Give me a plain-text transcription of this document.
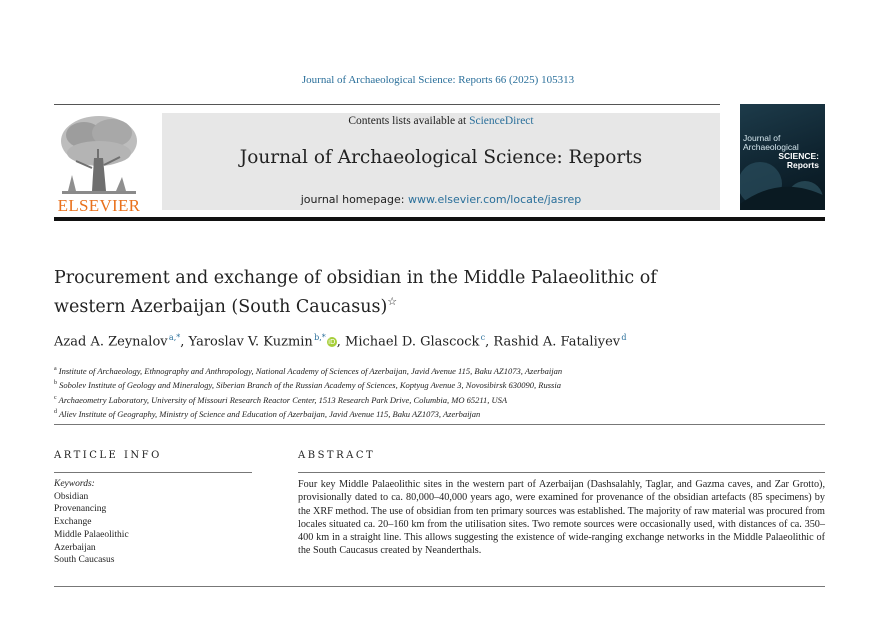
Journal of Archaeological Science: Reports 66 (2025) 105313
ELSEVIER
Contents lists available at ScienceDirect
Journal of Archaeological Science: Reports
journal homepage: www.elsevier.com/locate/jasrep
Journal of
Archaeological
SCIENCE:
Reports
Procurement and exchange of obsidian in the Middle Palaeolithic of
western Azerbaijan (South Caucasus)☆
Azad A. Zeynalov $^{a,*}$, Yaroslav V. Kuzmin $^{b,*}$iD, Michael D. Glascock $^c$, Rashid A. Fataliyev $^d$
$^a$ Institute of Archaeology, Ethnography and Anthropology, National Academy of Sciences of Azerbaijan, Javid Avenue 115, Baku AZ1073, Azerbaijan
$^b$ Sobolev Institute of Geology and Mineralogy, Siberian Branch of the Russian Academy of Sciences, Koptyug Avenue 3, Novosibirsk 630090, Russia
$^c$ Archaeometry Laboratory, University of Missouri Research Reactor Center, 1513 Research Park Drive, Columbia, MO 65211, USA
$^d$ Aliev Institute of Geography, Ministry of Science and Education of Azerbaijan, Javid Avenue 115, Baku AZ1073, Azerbaijan
ARTICLE INFO
Keywords:
Obsidian
Provenancing
Exchange
Middle Palaeolithic
Azerbaijan
South Caucasus
ABSTRACT
Four key Middle Palaeolithic sites in the western part of Azerbaijan (Dashsalahly, Taglar, and Gazma caves, and Zar Grotto), provisionally dated to ca. 80,000–40,000 years ago, were examined for provenance of the obsidian artefacts (85 specimens) by the XRF method. The use of obsidian from ten primary sources was established. The majority of raw material was procured from locales situated ca. 20–160 km from the utilisation sites. Two remote sources were occasionally used, with distances of ca. 350–400 km in a straight line. This allows suggesting the existence of wide-ranging exchange networks in the Middle Palaeolithic of the South Caucasus created by Neanderthals.
